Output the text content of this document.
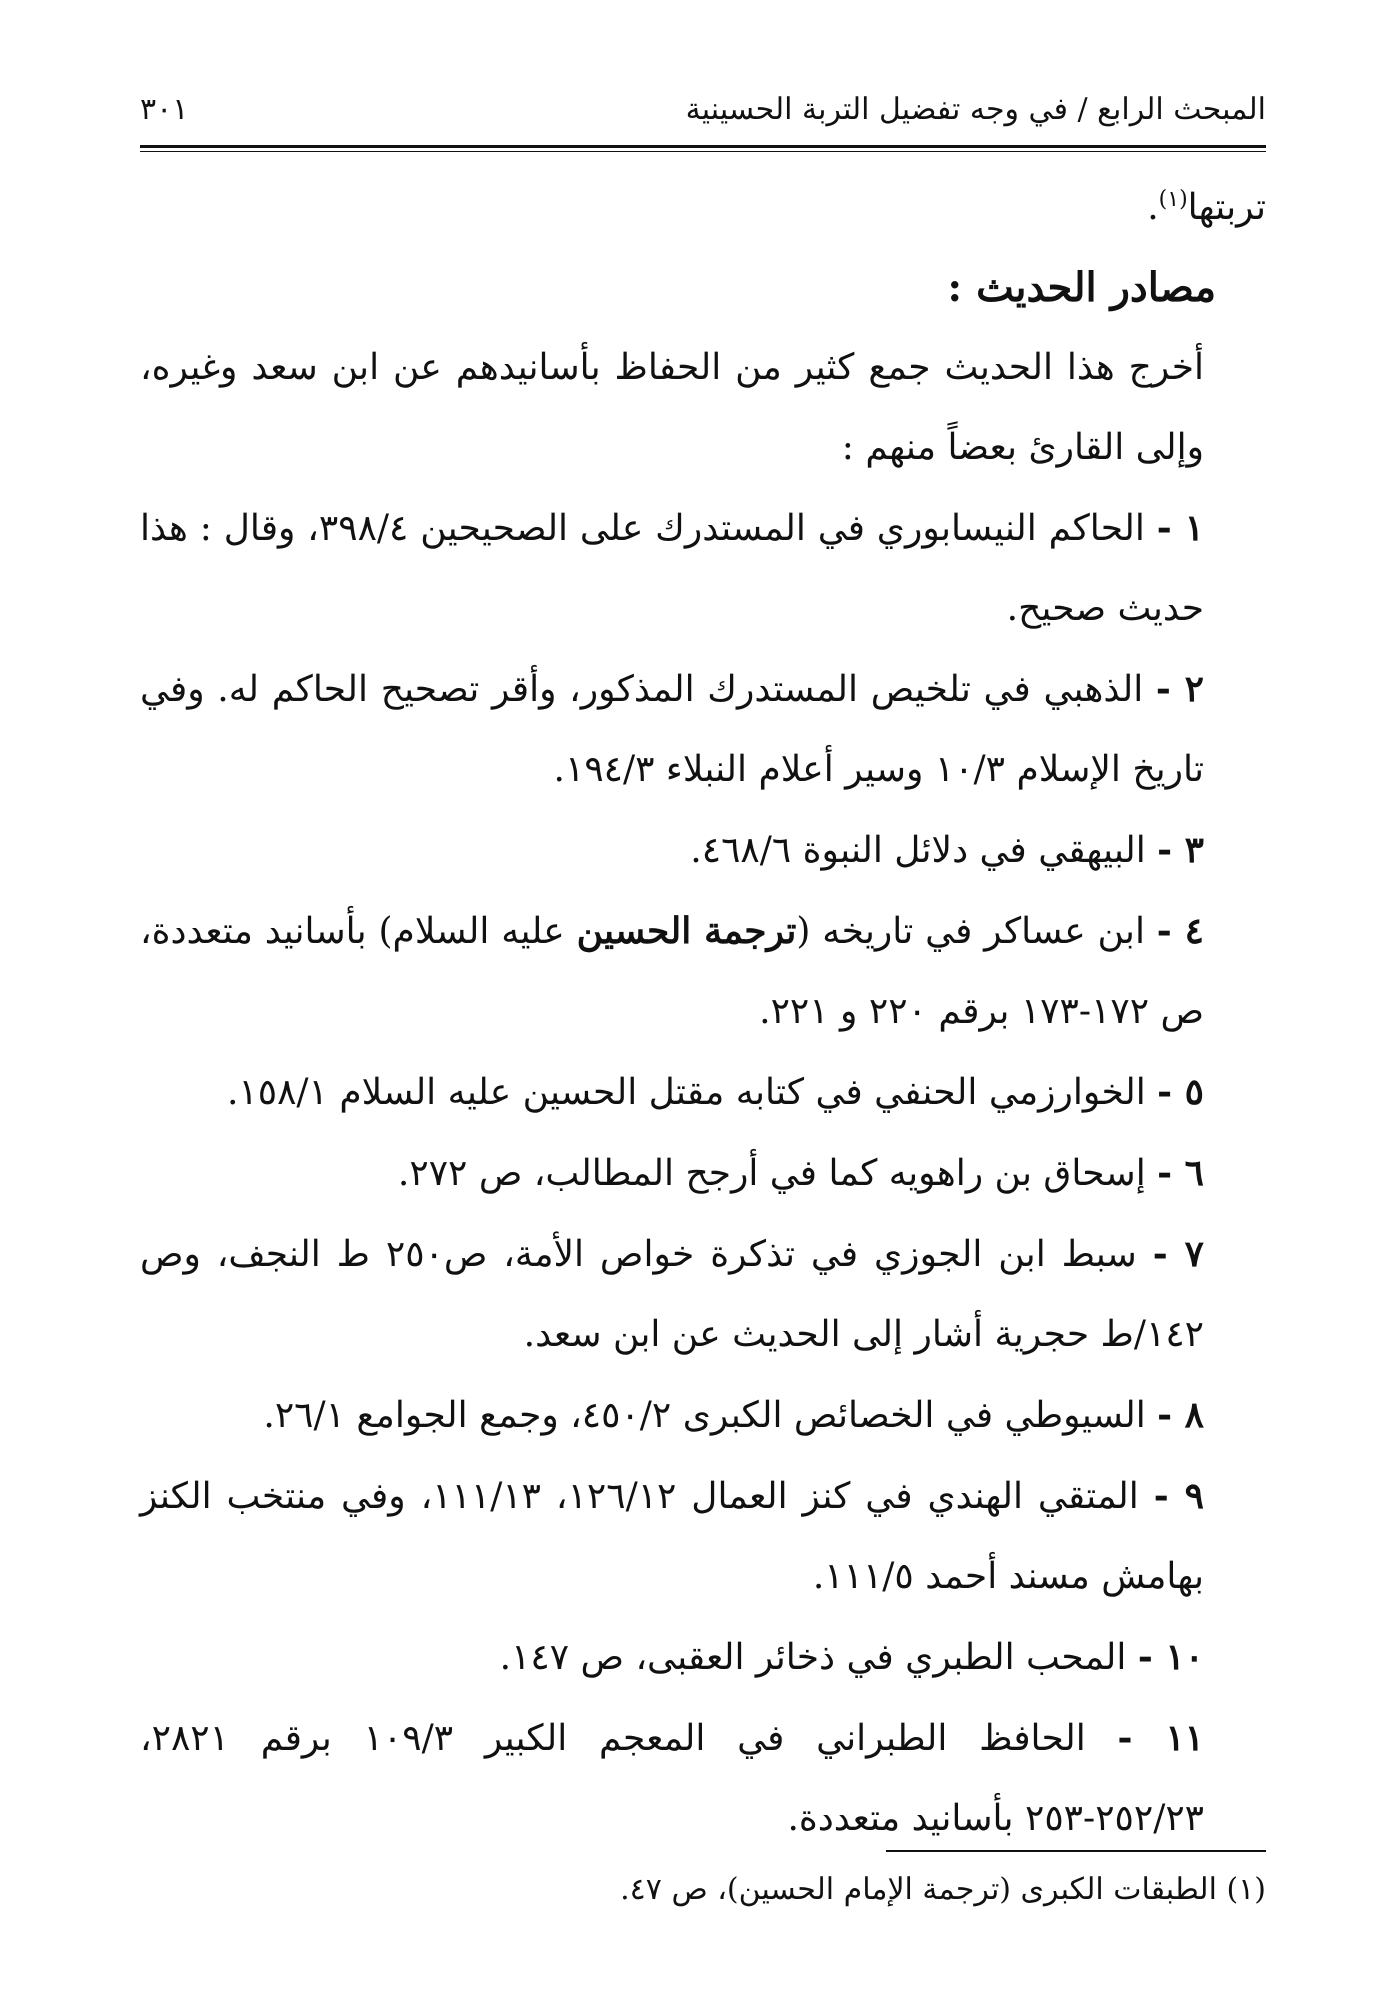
المبحث الرابع / في وجه تفضيل التربة الحسينية
٣٠١

تربتها$^{(١)}$.

مصادر الحديث :

أخرج هذا الحديث جمع كثير من الحفاظ بأسانيدهم عن ابن سعد وغيره، وإلى القارئ بعضاً منهم :

١ - الحاكم النيسابوري في المستدرك على الصحيحين ٣٩٨/٤، وقال : هذا حديث صحيح.

٢ - الذهبي في تلخيص المستدرك المذكور، وأقر تصحيح الحاكم له. وفي تاريخ الإسلام ١٠/٣ وسير أعلام النبلاء ١٩٤/٣.

٣ - البيهقي في دلائل النبوة ٤٦٨/٦.

٤ - ابن عساكر في تاريخه (ترجمة الحسين عليه السلام) بأسانيد متعددة، ص ١٧٢-١٧٣ برقم ٢٢٠ و ٢٢١.

٥ - الخوارزمي الحنفي في كتابه مقتل الحسين عليه السلام ١٥٨/١.

٦ - إسحاق بن راهويه كما في أرجح المطالب، ص ٢٧٢.

٧ - سبط ابن الجوزي في تذكرة خواص الأمة، ص٢٥٠ ط النجف، وص ١٤٢/ط حجرية أشار إلى الحديث عن ابن سعد.

٨ - السيوطي في الخصائص الكبرى ٤٥٠/٢، وجمع الجوامع ٢٦/١.

٩ - المتقي الهندي في كنز العمال ١٢٦/١٢، ١١١/١٣، وفي منتخب الكنز بهامش مسند أحمد ١١١/٥.

١٠ - المحب الطبري في ذخائر العقبى، ص ١٤٧.

١١ - الحافظ الطبراني في المعجم الكبير ١٠٩/٣ برقم ٢٨٢١، ٢٥٢/٢٣-٢٥٣ بأسانيد متعددة.

(١) الطبقات الكبرى (ترجمة الإمام الحسين)، ص ٤٧.
